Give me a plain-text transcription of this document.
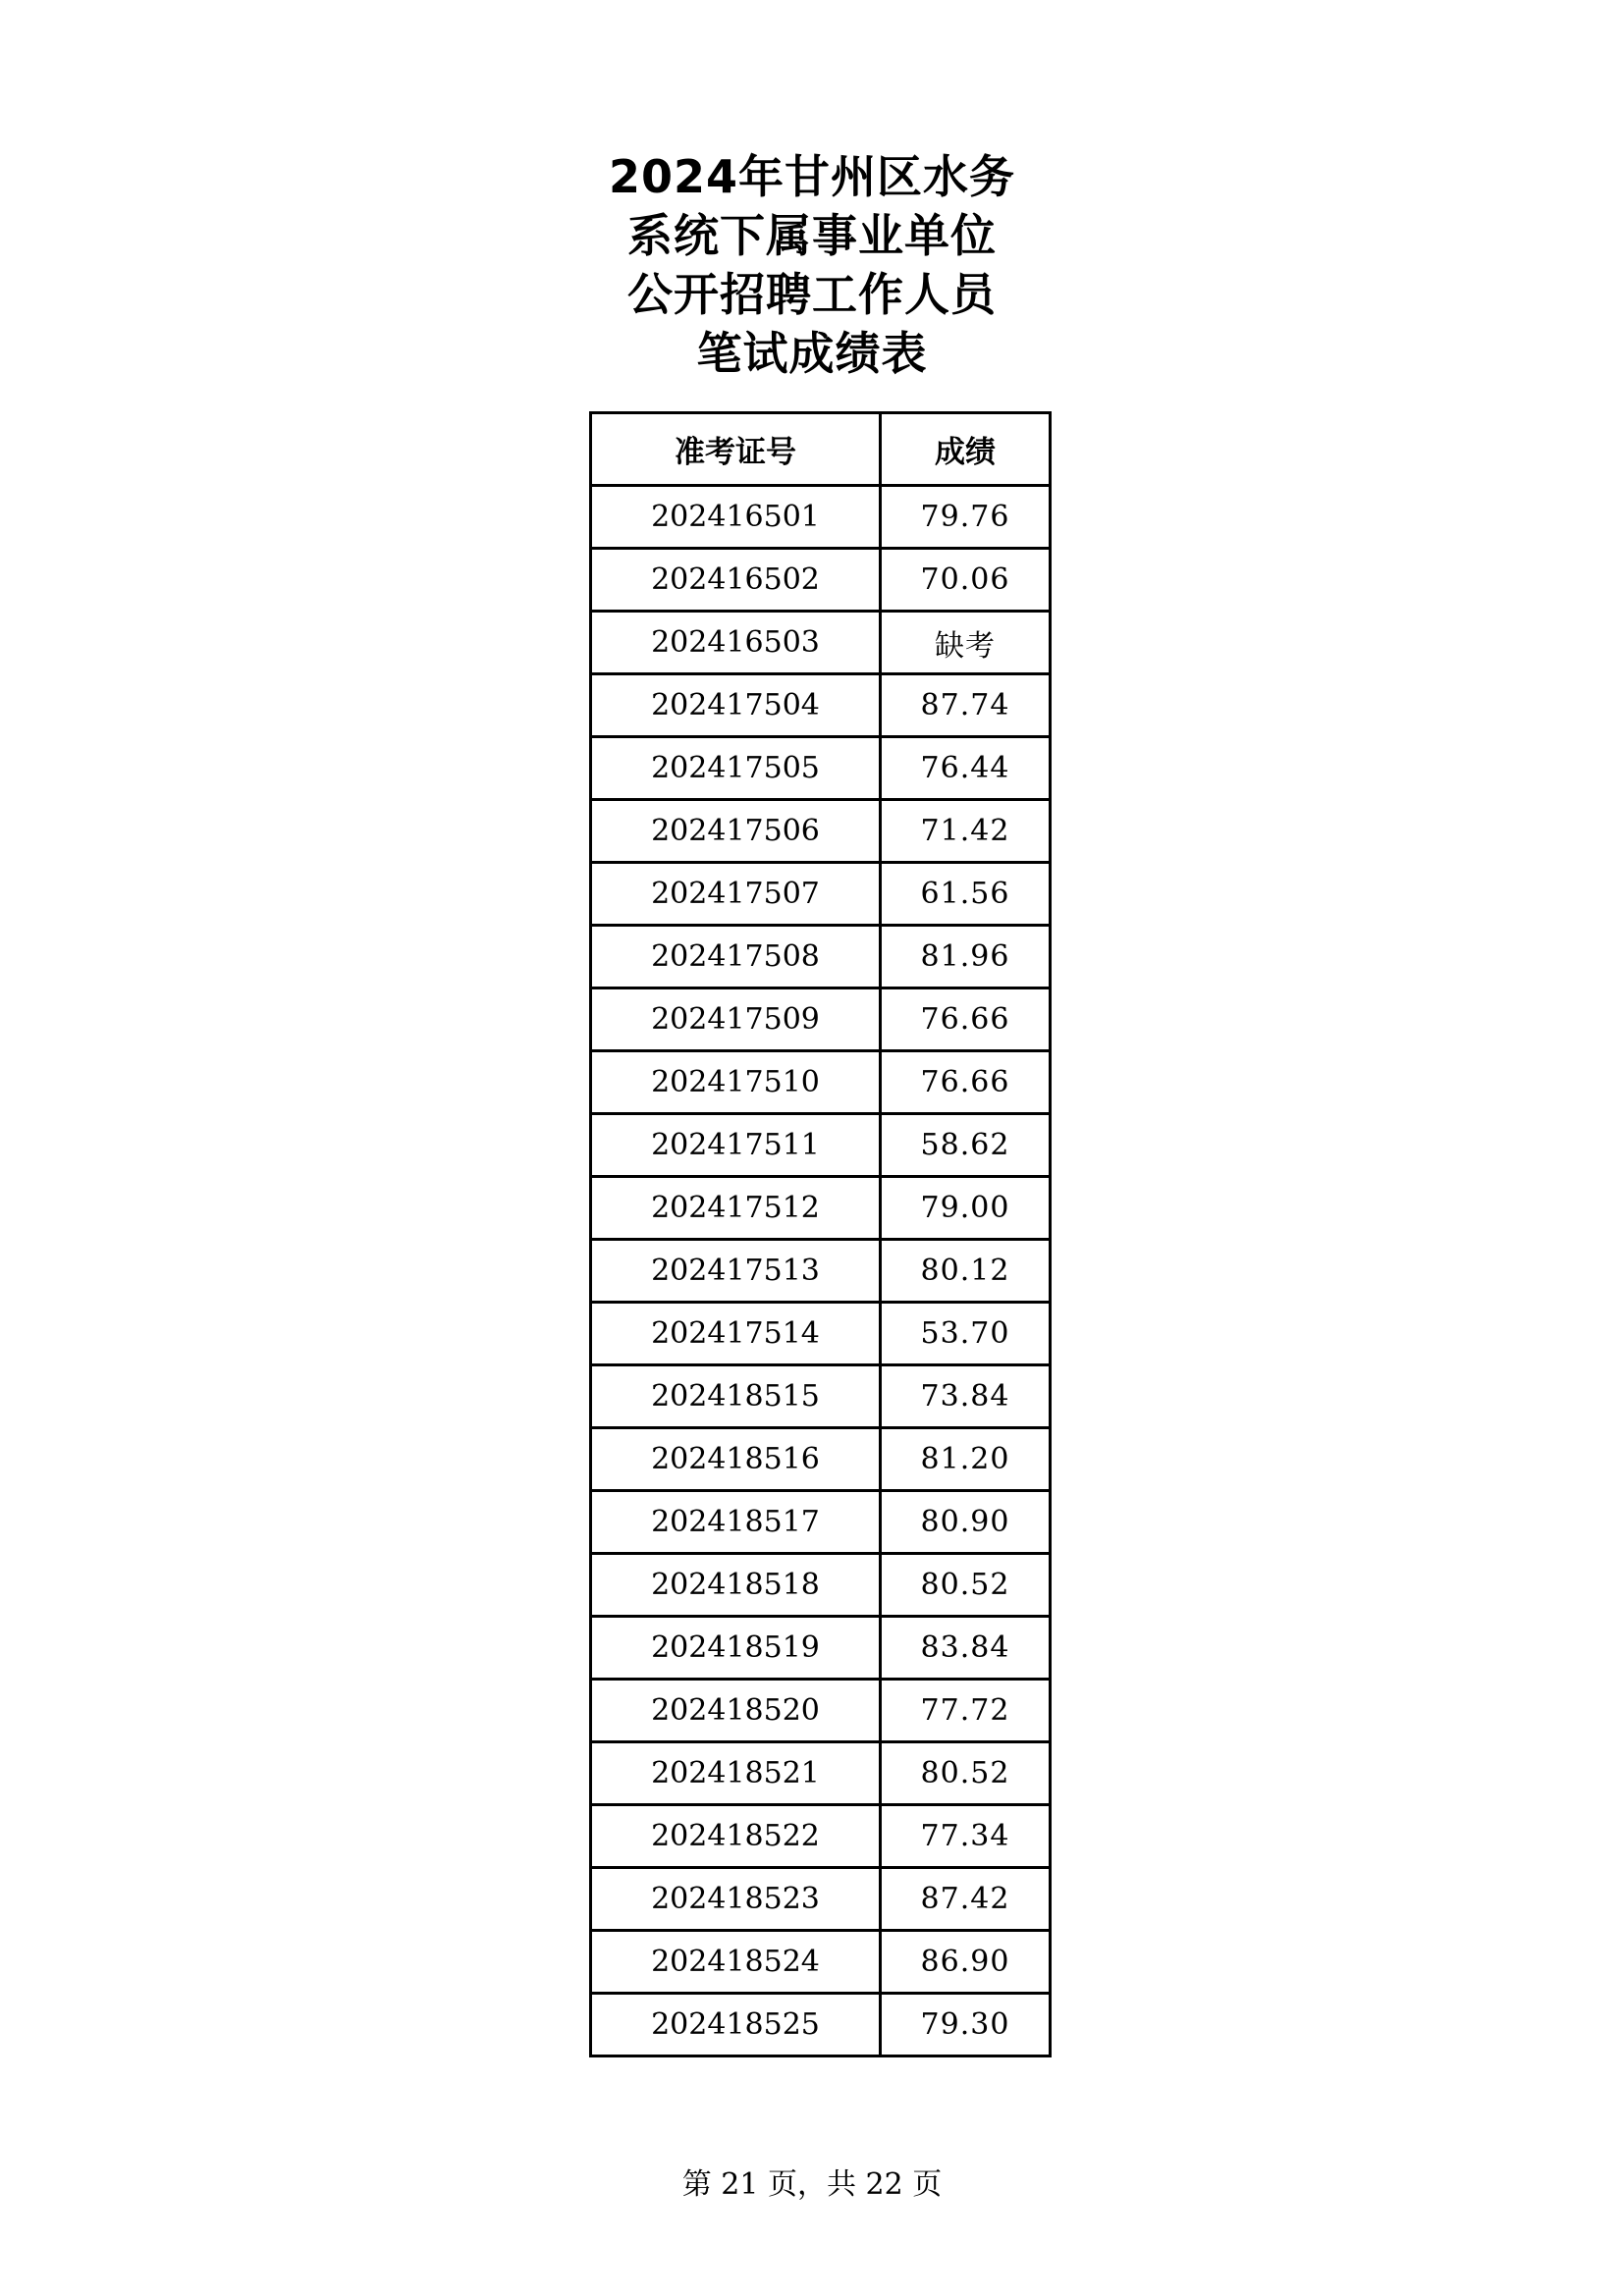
2024年甘州区水务
系统下属事业单位
公开招聘工作人员
笔试成绩表
准考证号	成绩
202416501	79.76
202416502	70.06
202416503	缺考
202417504	87.74
202417505	76.44
202417506	71.42
202417507	61.56
202417508	81.96
202417509	76.66
202417510	76.66
202417511	58.62
202417512	79.00
202417513	80.12
202417514	53.70
202418515	73.84
202418516	81.20
202418517	80.90
202418518	80.52
202418519	83.84
202418520	77.72
202418521	80.52
202418522	77.34
202418523	87.42
202418524	86.90
202418525	79.30
第 21 页，共 22 页
